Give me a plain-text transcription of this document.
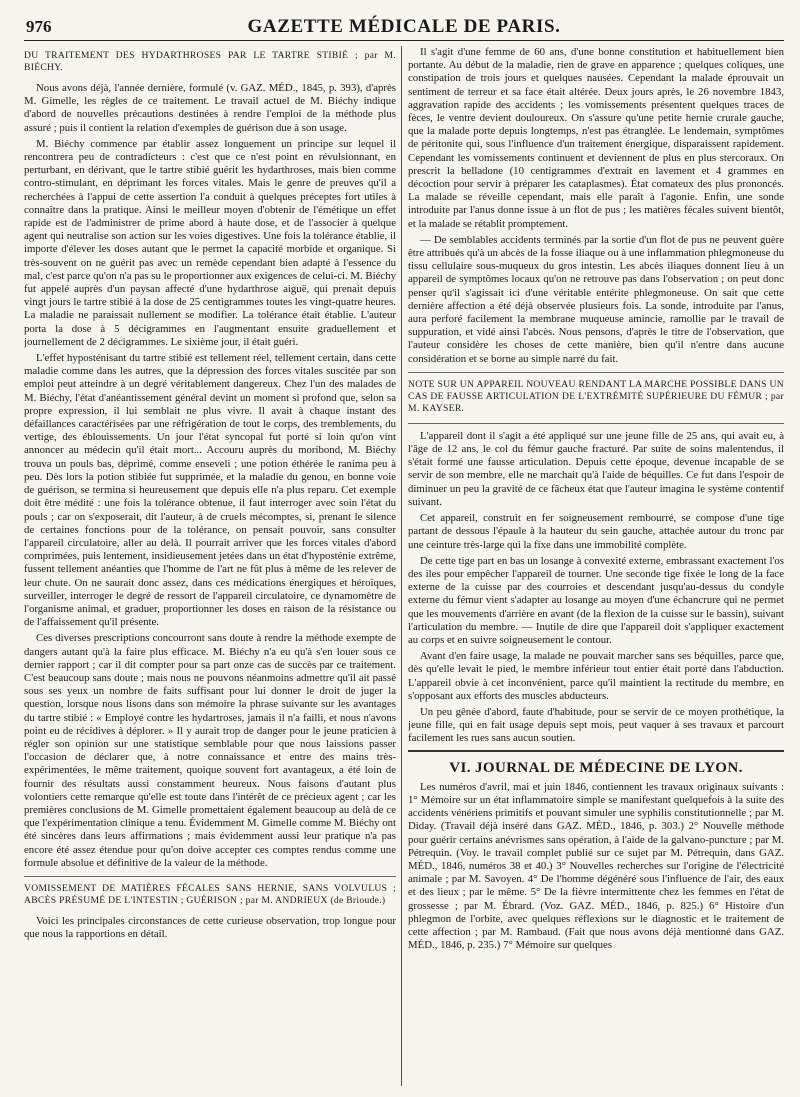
976	GAZETTE MÉDICALE DE PARIS.

DU TRAITEMENT DES HYDARTHROSES PAR LE TARTRE STIBIÉ ; par M. BIÉCHY.

Nous avons déjà, l'année dernière, formulé (v. GAZ. MÉD., 1845, p. 393), d'après M. Gimelle, les règles de ce traitement. Le travail actuel de M. Biéchy indique d'abord de nouvelles précautions destinées à rendre l'emploi de la méthode plus assuré ; puis il contient la relation d'exemples de guérison due à son usage.

M. Biéchy commence par établir assez longuement un principe sur lequel il rencontrera peu de contradicteurs : c'est que ce n'est point en révulsionnant, en perturbant, en dérivant, que le tartre stibié guérit les hydarthroses, mais bien comme contro-stimulant, en déprimant les forces vitales. Mais le genre de preuves qu'il a recherchées à l'appui de cette assertion l'a conduit à quelques préceptes fort utiles à connaître dans la pratique. Ainsi le meilleur moyen d'obtenir de l'émétique un effet rapide est de l'administrer de prime abord à haute dose, et de l'associer à quelque agent qui neutralise son action sur les voies digestives. Une fois la tolérance établie, il importe d'élever les doses autant que le permet la capacité morbide et organique. Si très-souvent on ne guérit pas avec un remède cependant bien adapté à l'essence du mal, c'est parce qu'on n'a pas su le proportionner aux exigences de celui-ci. M. Biéchy fut appelé auprès d'un paysan affecté d'une hydarthrose aiguë, qui prenait depuis vingt jours le tartre stibié à la dose de 25 centigrammes toutes les vingt-quatre heures. La maladie ne paraissait nullement se modifier. La tolérance était établie. L'auteur porta la dose à 5 décigrammes en l'augmentant ensuite graduellement et journellement de 2 décigrammes. Le sixième jour, il était guéri.

L'effet hyposténisant du tartre stibié est tellement réel, tellement certain, dans cette maladie comme dans les autres, que la dépression des forces vitales suscitée par son emploi peut atteindre à un degré véritablement dangereux. Chez l'un des malades de M. Biéchy, l'état d'anéantissement général devint un moment si profond que, selon sa propre expression, il lui semblait ne plus vivre. Il avait à chaque instant des défaillances caractérisées par une réfrigération de tout le corps, des tremblements, du vertige, des éblouissements. Un jour l'état syncopal fut porté si loin qu'on vint annoncer au médecin qu'il était mort... Accouru auprès du moribond, M. Biéchy trouva un pouls bas, déprimé, comme enseveli ; une potion éthérée le ranima peu à peu. Dès lors la potion stibiée fut supprimée, et la maladie du genou, en bonne voie de guérison, se termina si heureusement que depuis elle n'a plus reparu. Cet exemple doit être médité : une fois la tolérance obtenue, il faut interroger avec soin l'état du pouls ; car on s'exposerait, dit l'auteur, à de cruels mécomptes, si, prenant le silence de certaines fonctions pour de la tolérance, on pensait pouvoir, sans consulter l'appareil circulatoire, aller au delà. Il pourrait arriver que les forces vitales d'abord comprimées, puis lentement, insidieusement jetées dans un état d'hyposténie extrême, fussent tellement anéanties que l'homme de l'art ne fût plus à même de les relever de leur chute. On ne saurait donc assez, dans ces médications énergiques et héroïques, surveiller, interroger le degré de ressort de l'appareil circulatoire, ce dynamomètre de l'organisme animal, et graduer, proportionner les doses en raison de la résistance ou de l'affaissement qu'il présente.

Ces diverses prescriptions concourront sans doute à rendre la méthode exempte de dangers autant qu'à la faire plus efficace. M. Biéchy n'a eu qu'à s'en louer sous ce dernier rapport ; car il dit compter pour sa part onze cas de succès par ce traitement. C'est beaucoup sans doute ; mais nous ne pouvons néanmoins admettre qu'il ait passé sous ses yeux un nombre de faits suffisant pour lui donner le droit de juger la question, lorsque nous lisons dans son mémoire la phrase suivante sur les avantages du tartre stibié : « Employé contre les hydartroses, jamais il n'a failli, et nous n'avons point eu de récidives à déplorer. » Il y aurait trop de danger pour le jeune praticien à régler son opinion sur une statistique semblable pour que nous laissions passer l'occasion de déclarer que, à notre connaissance et entre des mains très-expérimentées, le même traitement, quoique souvent fort avantageux, a été loin de fournir des résultats aussi constamment heureux. Nous faisons d'autant plus volontiers cette remarque qu'elle est toute dans l'intérêt de ce précieux agent ; car les premières conclusions de M. Gimelle promettaient également beaucoup au delà de ce que l'expérimentation clinique a tenu. Évidemment M. Gimelle comme M. Biéchy ont été sincères dans leurs affirmations ; mais évidemment aussi leur pratique n'a pas encore été assez étendue pour qu'on doive accepter ces comptes rendus comme une formule absolue et définitive de la valeur de la méthode.

VOMISSEMENT DE MATIÈRES FÉCALES SANS HERNIE, SANS VOLVULUS ; ABCÈS PRÉSUMÉ DE L'INTESTIN ; GUÉRISON ; par M. ANDRIEUX (de Brioude.)

Voici les principales circonstances de cette curieuse observation, trop longue pour que nous la rapportions en détail.

Il s'agit d'une femme de 60 ans, d'une bonne constitution et habituellement bien portante. Au début de la maladie, rien de grave en apparence ; quelques coliques, une constipation de trois jours et quelques nausées. Cependant la malade éprouvait un sentiment de terreur et sa face était altérée. Deux jours après, le 26 novembre 1843, aggravation rapide des accidents ; les vomissements présentent quelques traces de fèces, le ventre devient douloureux. On s'assure qu'une petite hernie crurale gauche, que la malade porte depuis longtemps, n'est pas étranglée. Le lendemain, symptômes de péritonite qui, sous l'influence d'un traitement énergique, disparaissent rapidement. Cependant les vomissements continuent et deviennent de plus en plus stercoraux. On prescrit la belladone (10 centigrammes d'extrait en lavement et 4 grammes en décoction pour servir à préparer les cataplasmes). État comateux des plus prononcés. La malade se réveille cependant, mais elle paraît à l'agonie. Enfin, une sonde introduite par l'anus donne issue à un flot de pus ; les matières fécales suivent bientôt, et la malade se rétablit promptement.

— De semblables accidents terminés par la sortie d'un flot de pus ne peuvent guère être attribués qu'à un abcès de la fosse iliaque ou à une inflammation phlegmoneuse du tissu cellulaire sous-muqueux du gros intestin. Les abcès iliaques donnent lieu à un appareil de symptômes locaux qu'on ne retrouve pas dans l'observation ; on peut donc penser qu'il s'agissait ici d'une véritable entérite phlegmoneuse. On sait que cette dernière affection a été déjà observée plusieurs fois. La sonde, introduite par l'anus, aura perforé facilement la membrane muqueuse amincie, ramollie par le travail de suppuration, et vidé ainsi l'abcès. Nous pensons, d'après le titre de l'observation, que l'auteur considère les choses de cette manière, bien qu'il n'entre dans aucune considération et se borne au simple narré du fait.

NOTE SUR UN APPAREIL NOUVEAU RENDANT LA MARCHE POSSIBLE DANS UN CAS DE FAUSSE ARTICULATION DE L'EXTRÉMITÉ SUPÉRIEURE DU FÉMUR ; par M. KAYSER.

L'appareil dont il s'agit a été appliqué sur une jeune fille de 25 ans, qui avait eu, à l'âge de 12 ans, le col du fémur gauche fracturé. Par suite de soins malentendus, il s'était formé une fausse articulation. Depuis cette époque, devenue incapable de se servir de son membre, elle ne marchait qu'à l'aide de béquilles. Ce fut dans l'espoir de diminuer un peu la gravité de ce fâcheux état que l'auteur imagina le système contentif suivant.

Cet appareil, construit en fer soigneusement rembourré, se compose d'une tige partant de dessous l'épaule à la hauteur du sein gauche, attachée autour du tronc par une ceinture très-large qui la fixe dans une immobilité complète.

De cette tige part en bas un losange à convexité externe, embrassant exactement l'os des iles pour empêcher l'appareil de tourner. Une seconde tige fixée le long de la face externe de la cuisse par des courroies et descendant jusqu'au-dessus du condyle externe du fémur vient s'adapter au losange au moyen d'une échancrure qui ne permet que les mouvements d'arrière en avant (de la flexion de la cuisse sur le bassin), suivant l'articulation du membre. — Inutile de dire que l'appareil doit s'appliquer exactement au corps et en suivre soigneusement le contour.

Avant d'en faire usage, la malade ne pouvait marcher sans ses béquilles, parce que, dès qu'elle levait le pied, le membre inférieur tout entier était porté dans l'abduction. L'appareil obvie à cet inconvénient, parce qu'il maintient la rectitude du membre, en s'opposant aux efforts des muscles abducteurs.

Un peu gênée d'abord, faute d'habitude, pour se servir de ce moyen prothétique, la jeune fille, qui en fait usage depuis sept mois, peut vaquer à ses travaux et parcourt facilement les rues sans aucun soutien.

VI. JOURNAL DE MÉDECINE DE LYON.

Les numéros d'avril, mai et juin 1846, contiennent les travaux originaux suivants : 1° Mémoire sur un état inflammatoire simple se manifestant quelquefois à la suite des accidents vénériens primitifs et pouvant simuler une syphilis constitutionnelle ; par M. Diday. (Travail déjà inséré dans GAZ. MÉD., 1846, p. 303.) 2° Nouvelle méthode pour guérir certains anévrismes sans opération, à l'aide de la galvano-puncture ; par M. Pétrequin. (Voy. le travail complet publié sur ce sujet par M. Pétrequin, dans GAZ. MÉD., 1846, numéros 38 et 40.) 3° Nouvelles recherches sur l'origine de l'électricité animale ; par M. Savoyen. 4° De l'homme dégénéré sous l'influence de l'air, des eaux et des lieux ; par le même. 5° De la fièvre intermittente chez les femmes en l'état de grossesse ; par M. Ébrard. (Voz. GAZ. MÉD., 1846, p. 825.) 6° Histoire d'un phlegmon de l'orbite, avec quelques réflexions sur le diagnostic et le traitement de cette affection ; par M. Rambaud. (Fait que nous avons déjà mentionné dans GAZ. MÉD., 1846, p. 235.) 7° Mémoire sur quelques
